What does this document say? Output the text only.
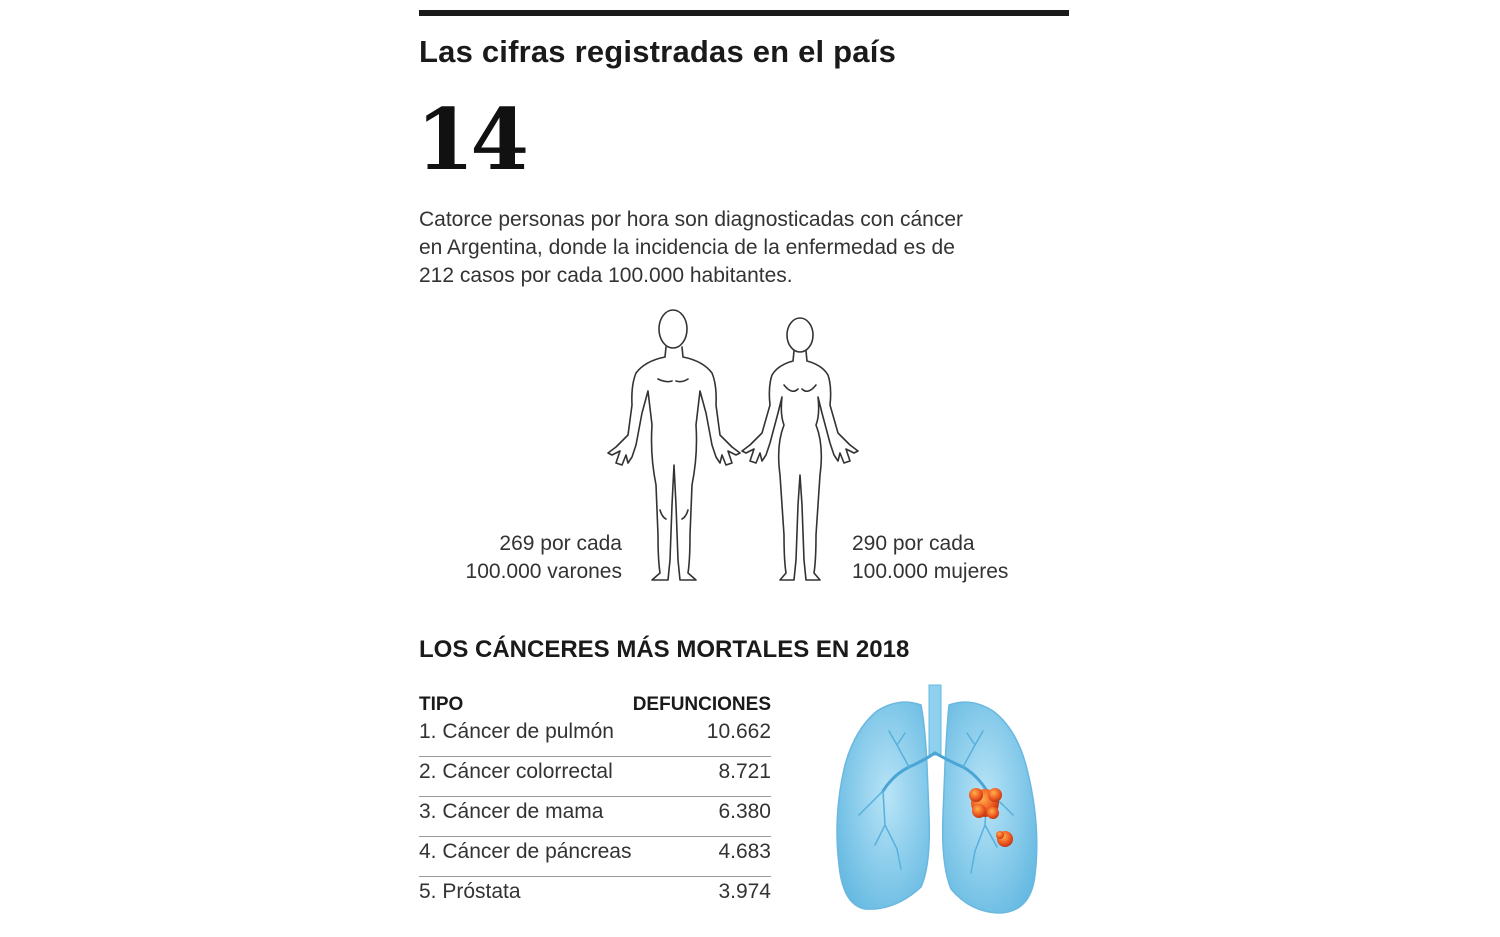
Las cifras registradas en el país
14

Catorce personas por hora son diagnosticadas con cáncer
en Argentina, donde la incidencia de la enfermedad es de
212 casos por cada 100.000 habitantes.

269 por cada
100.000 varones
290 por cada
100.000 mujeres
LOS CÁNCERES MÁS MORTALES EN 2018
TIPO	DEFUNCIONES
1. Cáncer de pulmón	10.662
2. Cáncer colorrectal	8.721
3. Cáncer de mama	6.380
4. Cáncer de páncreas	4.683
5. Próstata	3.974
